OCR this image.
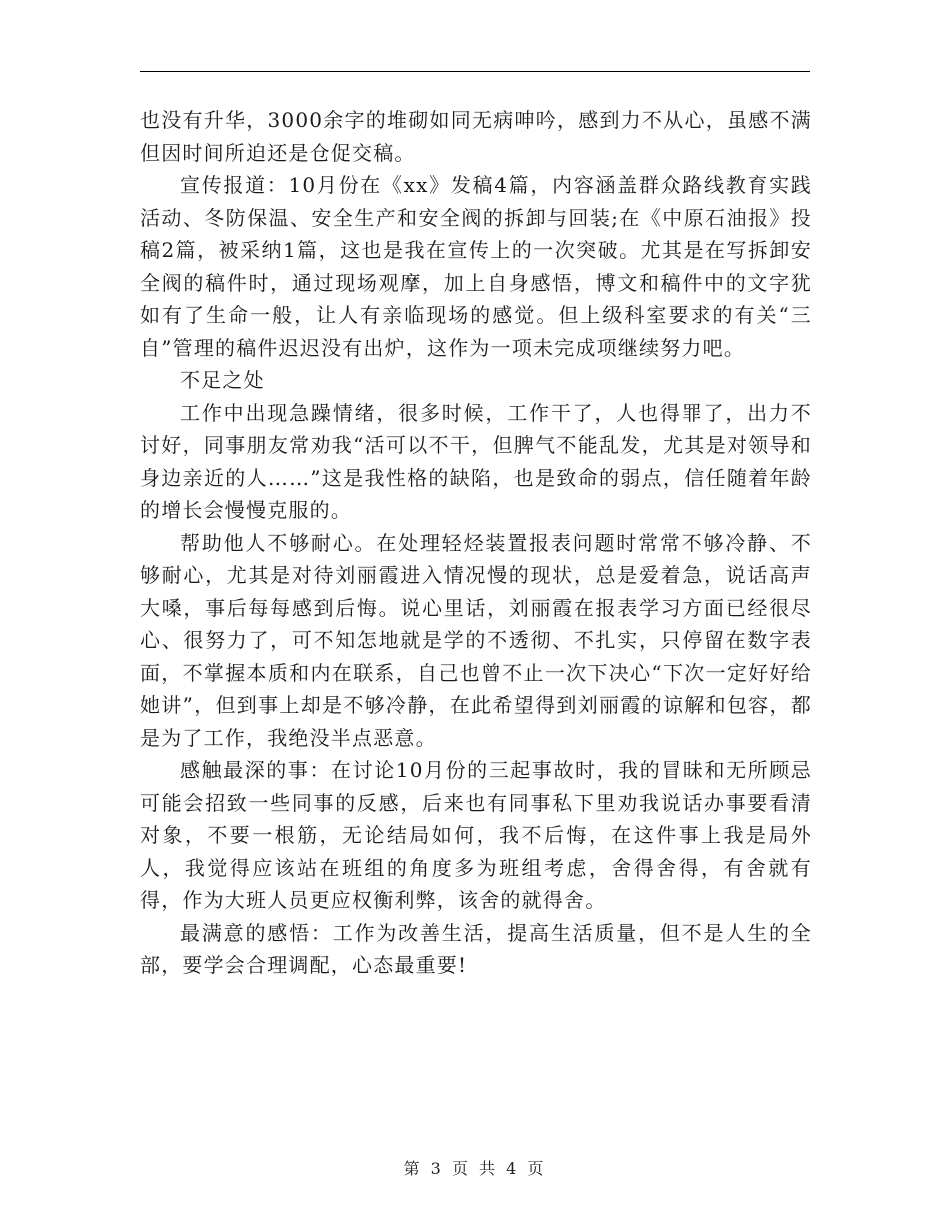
也没有升华，3000余字的堆砌如同无病呻吟，感到力不从心，虽感不满但因时间所迫还是仓促交稿。

宣传报道：10月份在《xx》发稿4篇，内容涵盖群众路线教育实践活动、冬防保温、安全生产和安全阀的拆卸与回装;在《中原石油报》投稿2篇，被采纳1篇，这也是我在宣传上的一次突破。尤其是在写拆卸安全阀的稿件时，通过现场观摩，加上自身感悟，博文和稿件中的文字犹如有了生命一般，让人有亲临现场的感觉。但上级科室要求的有关“三自”管理的稿件迟迟没有出炉，这作为一项未完成项继续努力吧。

不足之处

工作中出现急躁情绪，很多时候，工作干了，人也得罪了，出力不讨好，同事朋友常劝我“活可以不干，但脾气不能乱发，尤其是对领导和身边亲近的人……”这是我性格的缺陷，也是致命的弱点，信任随着年龄的增长会慢慢克服的。

帮助他人不够耐心。在处理轻烃装置报表问题时常常不够冷静、不够耐心，尤其是对待刘丽霞进入情况慢的现状，总是爱着急，说话高声大嗓，事后每每感到后悔。说心里话，刘丽霞在报表学习方面已经很尽心、很努力了，可不知怎地就是学的不透彻、不扎实，只停留在数字表面，不掌握本质和内在联系，自己也曾不止一次下决心“下次一定好好给她讲”，但到事上却是不够冷静，在此希望得到刘丽霞的谅解和包容，都是为了工作，我绝没半点恶意。

感触最深的事：在讨论10月份的三起事故时，我的冒昧和无所顾忌可能会招致一些同事的反感，后来也有同事私下里劝我说话办事要看清对象，不要一根筋，无论结局如何，我不后悔，在这件事上我是局外人，我觉得应该站在班组的角度多为班组考虑，舍得舍得，有舍就有得，作为大班人员更应权衡利弊，该舍的就得舍。

最满意的感悟：工作为改善生活，提高生活质量，但不是人生的全部，要学会合理调配，心态最重要!

第 3 页 共 4 页
